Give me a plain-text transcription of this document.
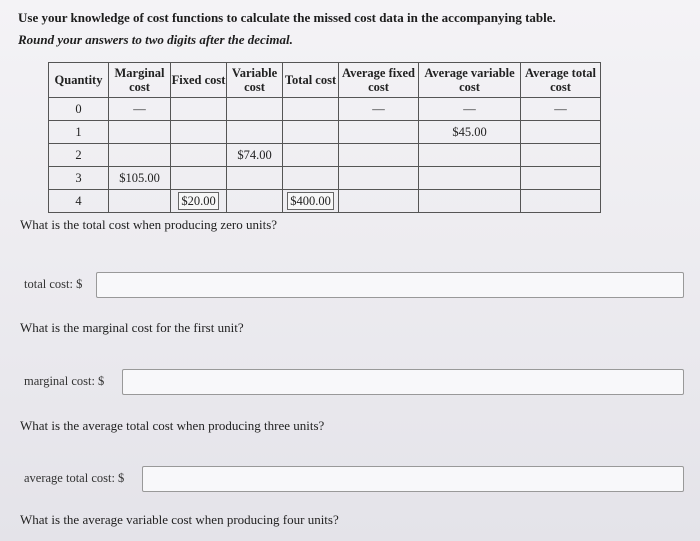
Use your knowledge of cost functions to calculate the missed cost data in the accompanying table.
Round your answers to two digits after the decimal.
Quantity	Marginal cost	Fixed cost	Variable cost	Total cost	Average fixed cost	Average variable cost	Average total cost
0	—				—	—	—
1						$45.00	
2			$74.00				
3	$105.00						
4		$20.00		$400.00			
What is the total cost when producing zero units?
total cost: $
What is the marginal cost for the first unit?
marginal cost: $
What is the average total cost when producing three units?
average total cost: $
What is the average variable cost when producing four units?
